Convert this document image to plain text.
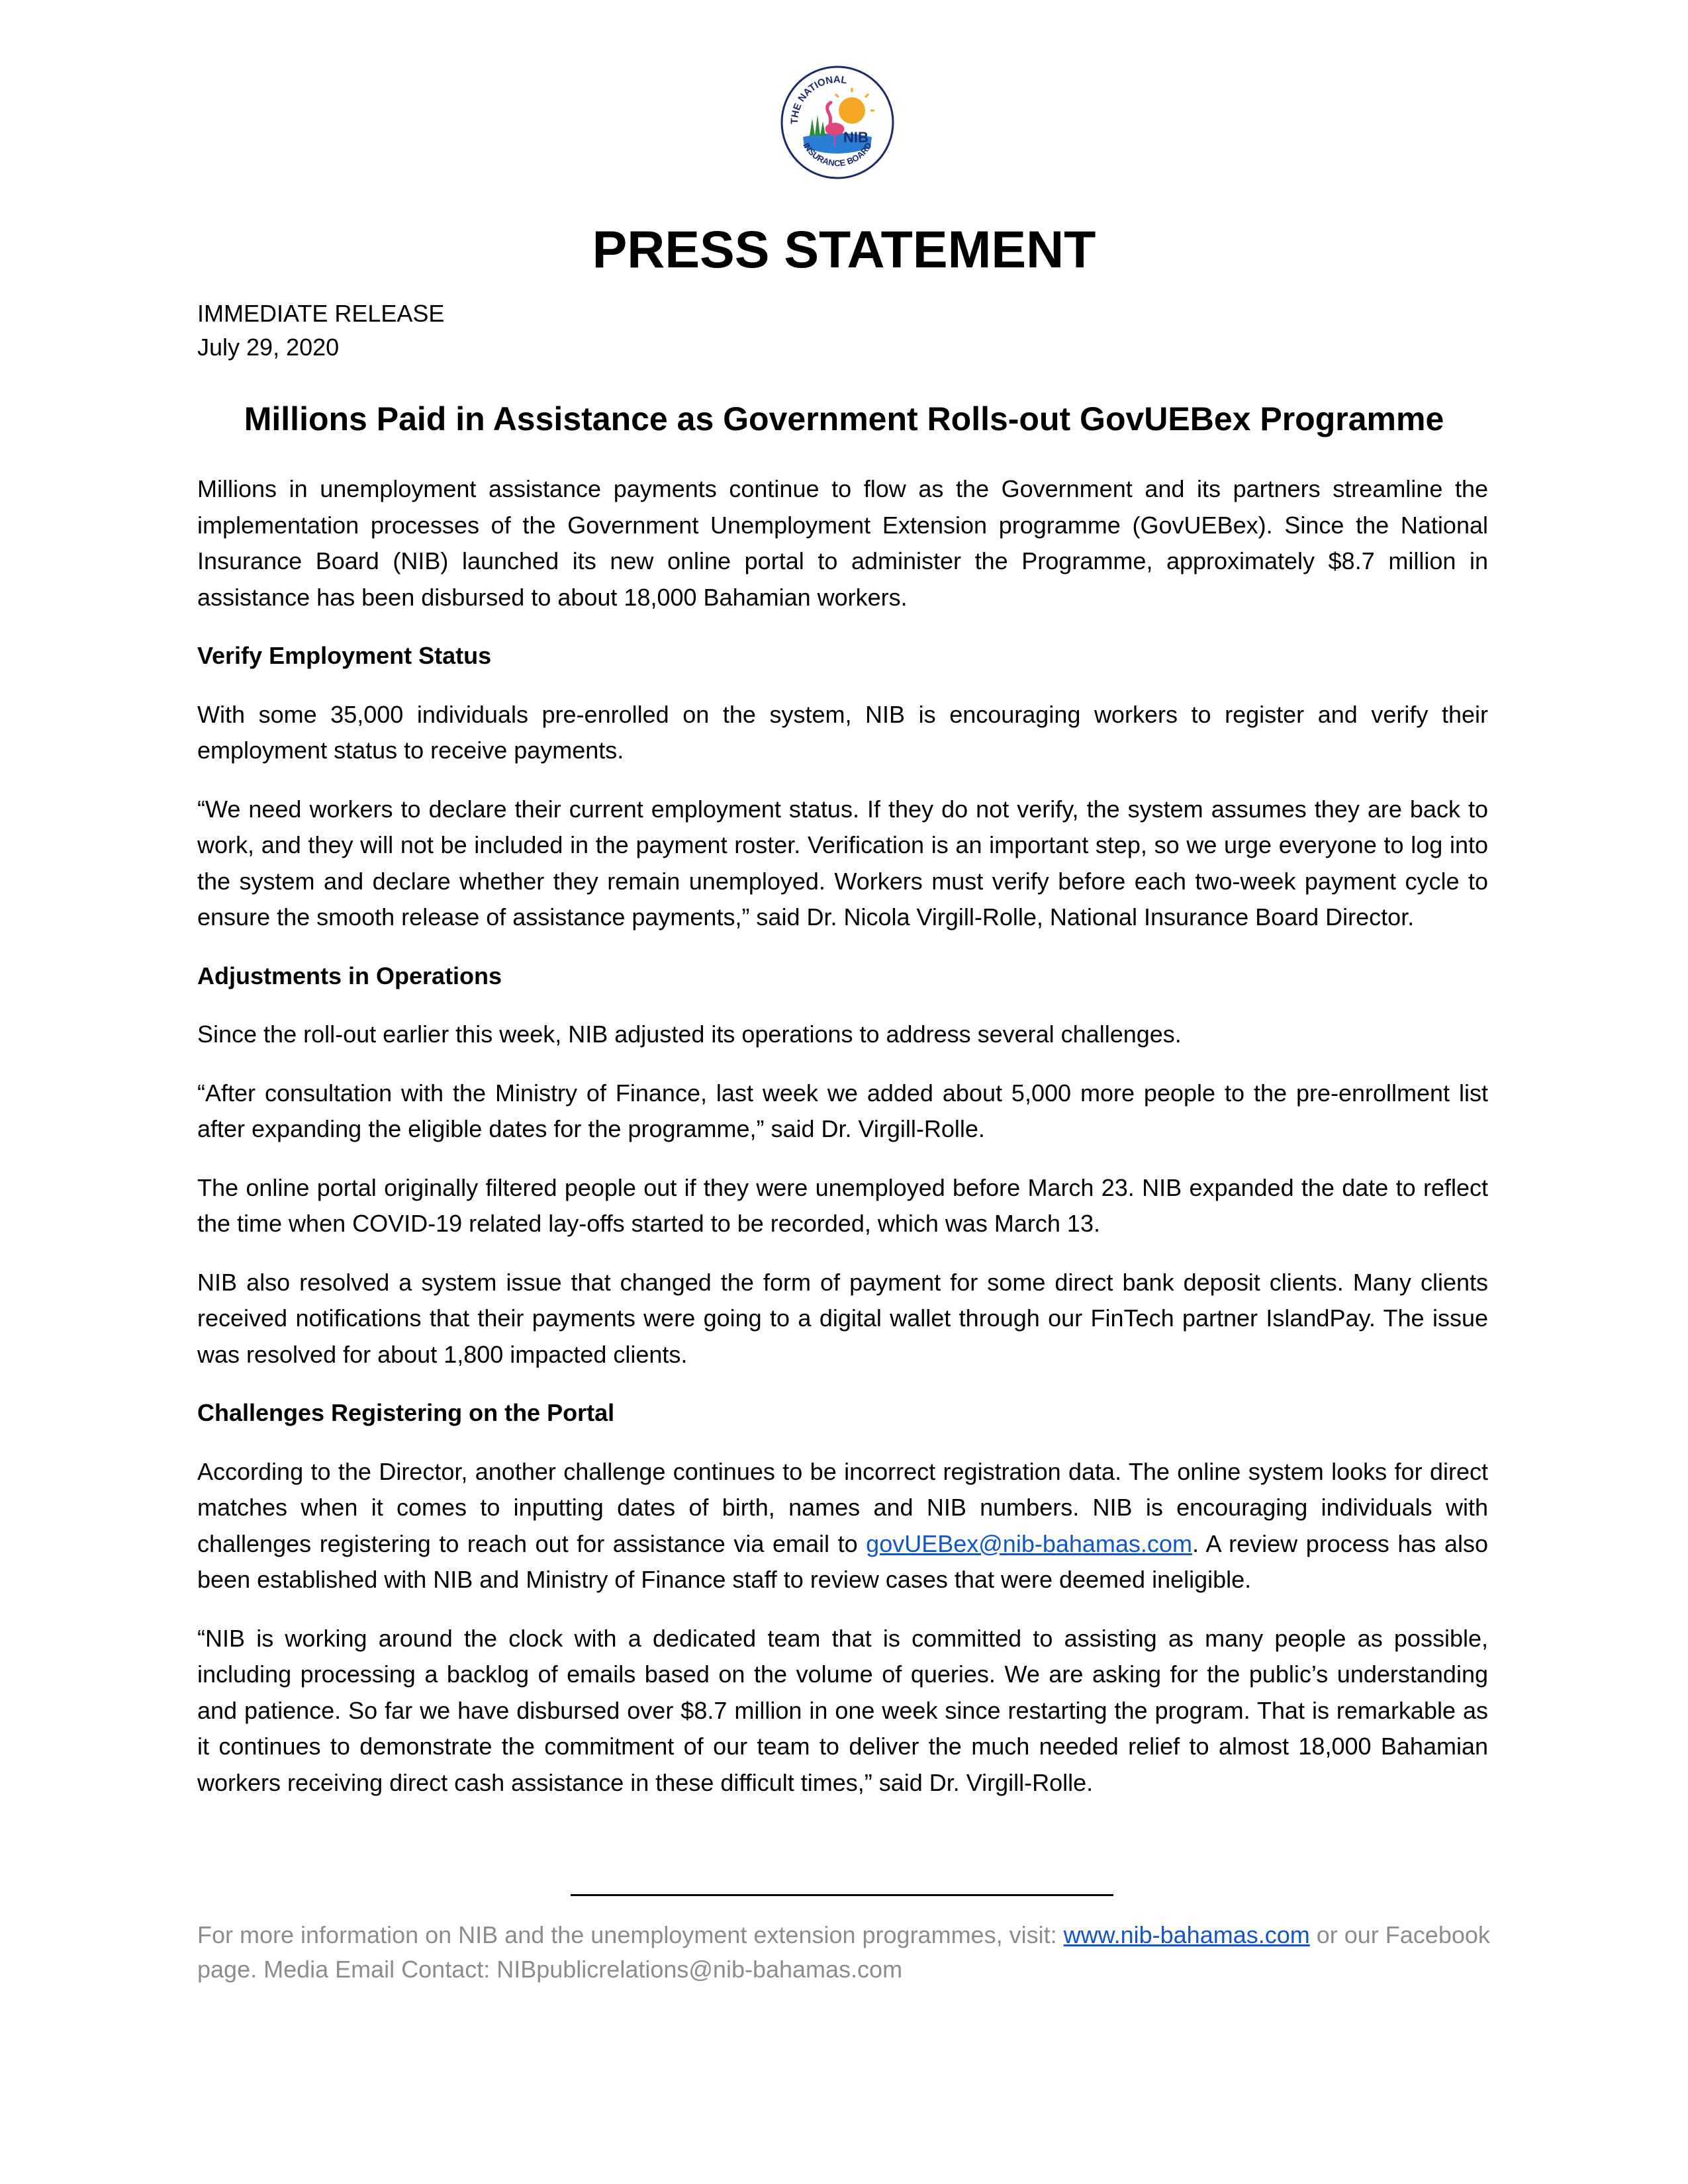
NIB
THE NATIONAL
INSURANCE BOARD
PRESS STATEMENT
IMMEDIATE RELEASE
July 29, 2020
Millions Paid in Assistance as Government Rolls-out GovUEBex Programme

Millions in unemployment assistance payments continue to flow as the Government and its partners streamline the implementation processes of the Government Unemployment Extension programme (GovUEBex). Since the National Insurance Board (NIB) launched its new online portal to administer the Programme, approximately $8.7 million in assistance has been disbursed to about 18,000 Bahamian workers.

Verify Employment Status

With some 35,000 individuals pre-enrolled on the system, NIB is encouraging workers to register and verify their employment status to receive payments.

“We need workers to declare their current employment status. If they do not verify, the system assumes they are back to work, and they will not be included in the payment roster. Verification is an important step, so we urge everyone to log into the system and declare whether they remain unemployed. Workers must verify before each two-week payment cycle to ensure the smooth release of assistance payments,” said Dr. Nicola Virgill-Rolle, National Insurance Board Director.

Adjustments in Operations

Since the roll-out earlier this week, NIB adjusted its operations to address several challenges.

“After consultation with the Ministry of Finance, last week we added about 5,000 more people to the pre-enrollment list after expanding the eligible dates for the programme,” said Dr. Virgill-Rolle.

The online portal originally filtered people out if they were unemployed before March 23. NIB expanded the date to reflect the time when COVID-19 related lay-offs started to be recorded, which was March 13.

NIB also resolved a system issue that changed the form of payment for some direct bank deposit clients. Many clients received notifications that their payments were going to a digital wallet through our FinTech partner IslandPay. The issue was resolved for about 1,800 impacted clients.

Challenges Registering on the Portal

According to the Director, another challenge continues to be incorrect registration data. The online system looks for direct matches when it comes to inputting dates of birth, names and NIB numbers. NIB is encouraging individuals with challenges registering to reach out for assistance via email to govUEBex@nib-bahamas.com. A review process has also been established with NIB and Ministry of Finance staff to review cases that were deemed ineligible.

“NIB is working around the clock with a dedicated team that is committed to assisting as many people as possible, including processing a backlog of emails based on the volume of queries. We are asking for the public’s understanding and patience. So far we have disbursed over $8.7 million in one week since restarting the program. That is remarkable as it continues to demonstrate the commitment of our team to deliver the much needed relief to almost 18,000 Bahamian workers receiving direct cash assistance in these difficult times,” said Dr. Virgill-Rolle.

For more information on NIB and the unemployment extension programmes, visit: www.nib-bahamas.com or our Facebook page. Media Email Contact: NIBpublicrelations@nib-bahamas.com
